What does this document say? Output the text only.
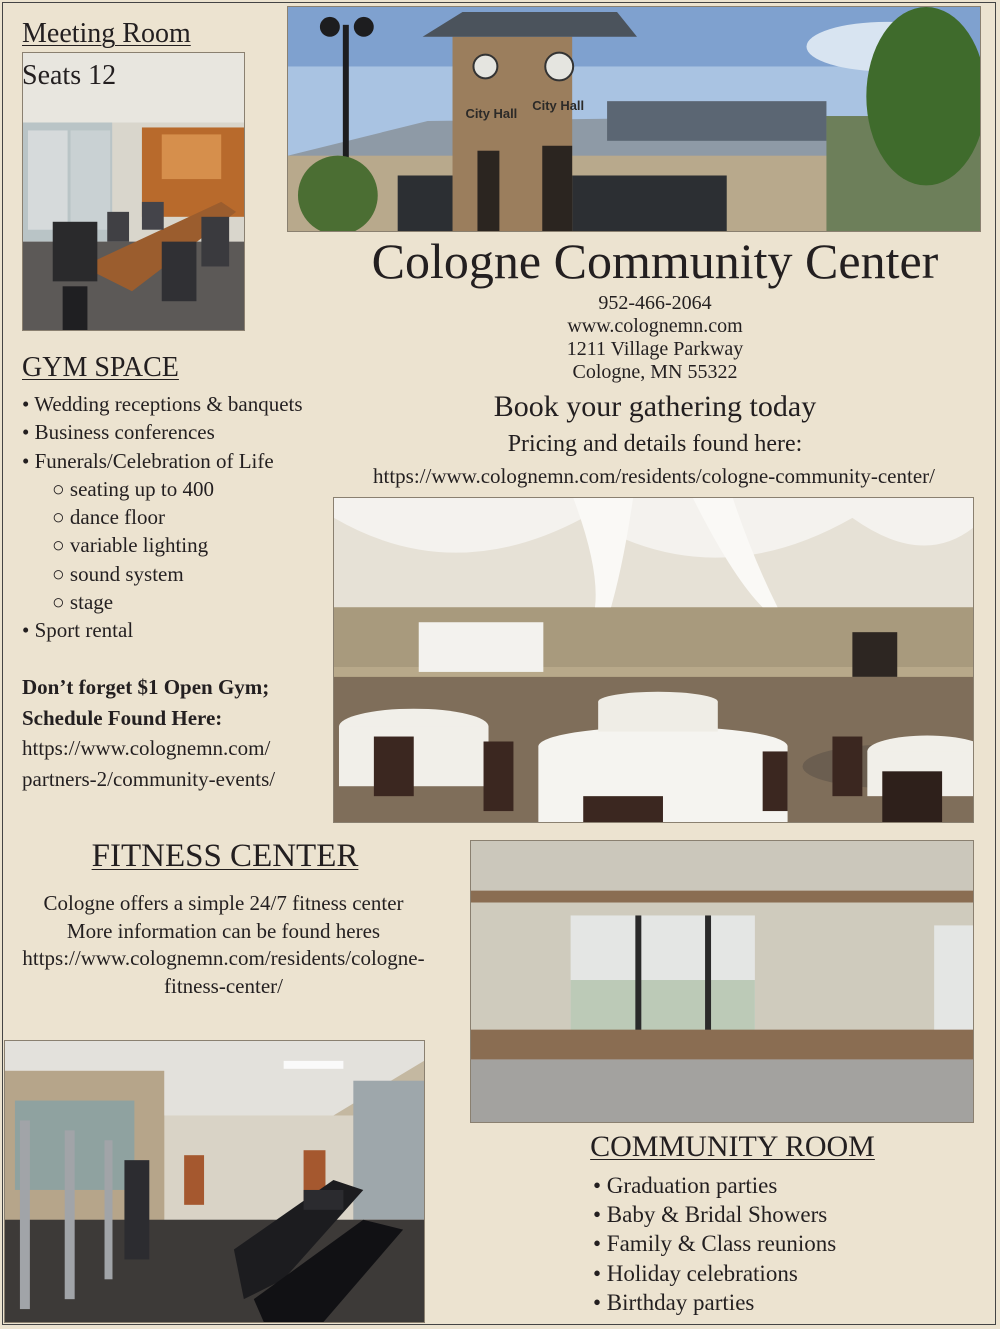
Meeting Room
Seats 12
City Hall
City Hall
Cologne Community Center
952-466-2064
www.colognemn.com
1211 Village Parkway
Cologne, MN 55322
Book your gathering today
Pricing and details found here:
https://www.colognemn.com/residents/cologne-community-center/
GYM SPACE
• Wedding receptions & banquets
• Business conferences
• Funerals/Celebration of Life
○ seating up to 400
○ dance floor
○ variable lighting
○ sound system
○ stage
• Sport rental
Don’t forget $1 Open Gym;
Schedule Found Here:
https://www.colognemn.com/
partners-2/community-events/
FITNESS CENTER
Cologne offers a simple 24/7 fitness center
More information can be found heres
https://www.colognemn.com/residents/cologne-
fitness-center/
COMMUNITY ROOM
• Graduation parties
• Baby & Bridal Showers
• Family & Class reunions
• Holiday celebrations
• Birthday parties
